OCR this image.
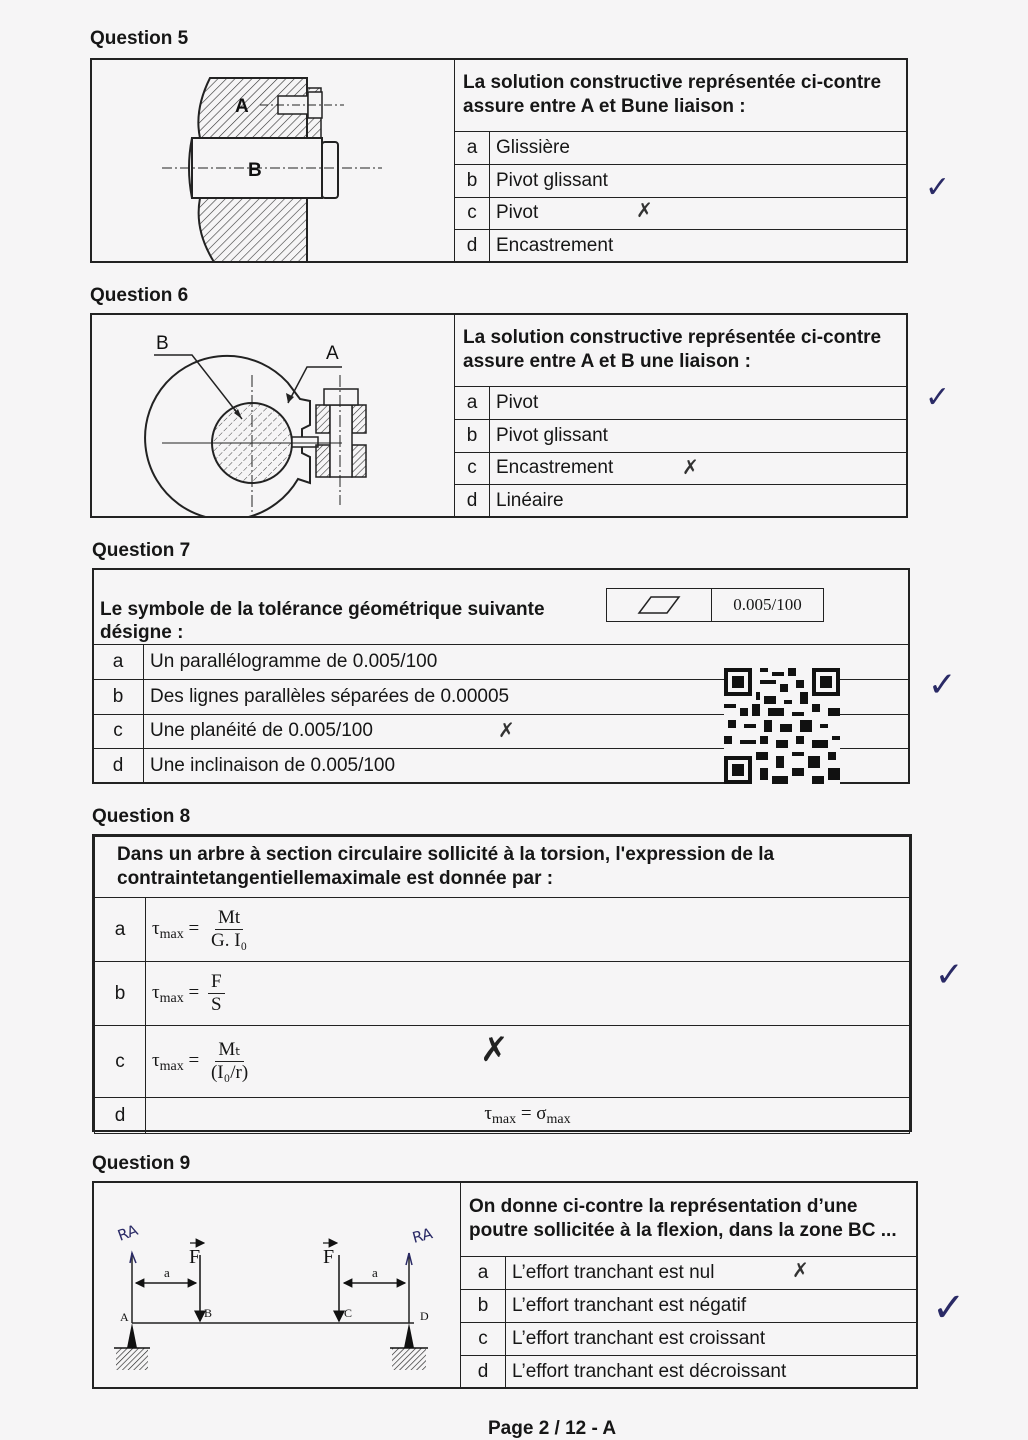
Question 5
A
B
La solution constructive représentée ci-contre assure entre A et Bune liaison :	
a	Glissière
b	Pivot glissant
c	Pivot
d	Encastrement
✗
✓
Question 6
B	A
La solution constructive représentée ci-contre assure entre A et B une liaison :	
a	Pivot
b	Pivot glissant
c	Encastrement
d	Linéaire
✗
✓
Question 7
Le symbole de la tolérance géométrique suivante désigne :
0.005/100
a	Un parallélogramme de 0.005/100
b	Des lignes parallèles séparées de 0.00005
c	Une planéité de 0.005/100
d	Une inclinaison de 0.005/100
✗
✓
Question 8
Dans un arbre à section circulaire sollicité à la torsion, l'expression de la contraintetangentiellemaximale est donnée par :	
a	$\tau_{max} = \frac{Mt}{\text{G. I₀}}$

b	$\tau_{max} = \frac{F}{S}$

c	$\tau_{max} = \frac{\text{Mₜ}}{\text{(I₀/r)}}$

d	$\tau_{max} = \sigma_{max}$
✗
✓
Question 9
a	a
F	F
A	B	C	D
RA	RA
On donne ci-contre la représentation d’une poutre sollicitée à la flexion, dans la zone BC ...	
a	L’effort tranchant est nul
b	L’effort tranchant est négatif
c	L’effort tranchant est croissant
d	L’effort tranchant est décroissant
✗
✓
Page 2 / 12 - A
